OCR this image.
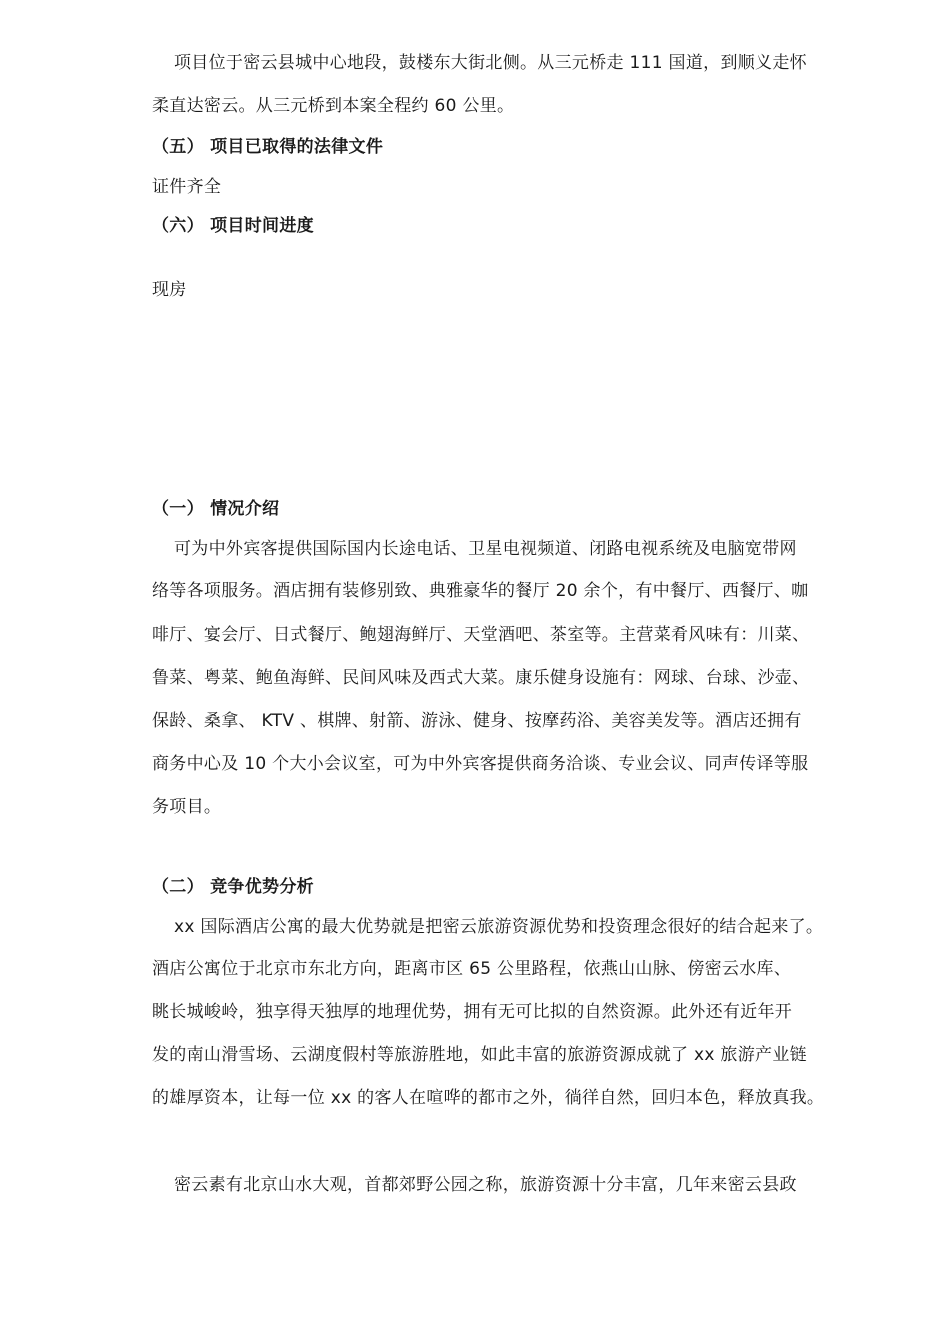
项目位于密云县城中心地段，鼓楼东大街北侧。从三元桥走 111 国道，到顺义走怀
柔直达密云。从三元桥到本案全程约 60 公里。
（五） 项目已取得的法律文件
证件齐全
（六） 项目时间进度
现房
（一） 情况介绍
可为中外宾客提供国际国内长途电话、卫星电视频道、闭路电视系统及电脑宽带网
络等各项服务。酒店拥有装修别致、典雅豪华的餐厅 20 余个，有中餐厅、西餐厅、咖
啡厅、宴会厅、日式餐厅、鲍翅海鲜厅、天堂酒吧、茶室等。主营菜肴风味有：川菜、
鲁菜、粤菜、鲍鱼海鲜、民间风味及西式大菜。康乐健身设施有：网球、台球、沙壶、
保龄、桑拿、 KTV 、棋牌、射箭、游泳、健身、按摩药浴、美容美发等。酒店还拥有
商务中心及 10 个大小会议室，可为中外宾客提供商务洽谈、专业会议、同声传译等服
务项目。
（二） 竞争优势分析
xx 国际酒店公寓的最大优势就是把密云旅游资源优势和投资理念很好的结合起来了。
酒店公寓位于北京市东北方向，距离市区 65 公里路程，依燕山山脉、傍密云水库、
眺长城峻岭，独享得天独厚的地理优势，拥有无可比拟的自然资源。此外还有近年开
发的南山滑雪场、云湖度假村等旅游胜地，如此丰富的旅游资源成就了 xx 旅游产业链
的雄厚资本，让每一位 xx 的客人在喧哗的都市之外，徜徉自然，回归本色，释放真我。
密云素有北京山水大观，首都郊野公园之称，旅游资源十分丰富，几年来密云县政
